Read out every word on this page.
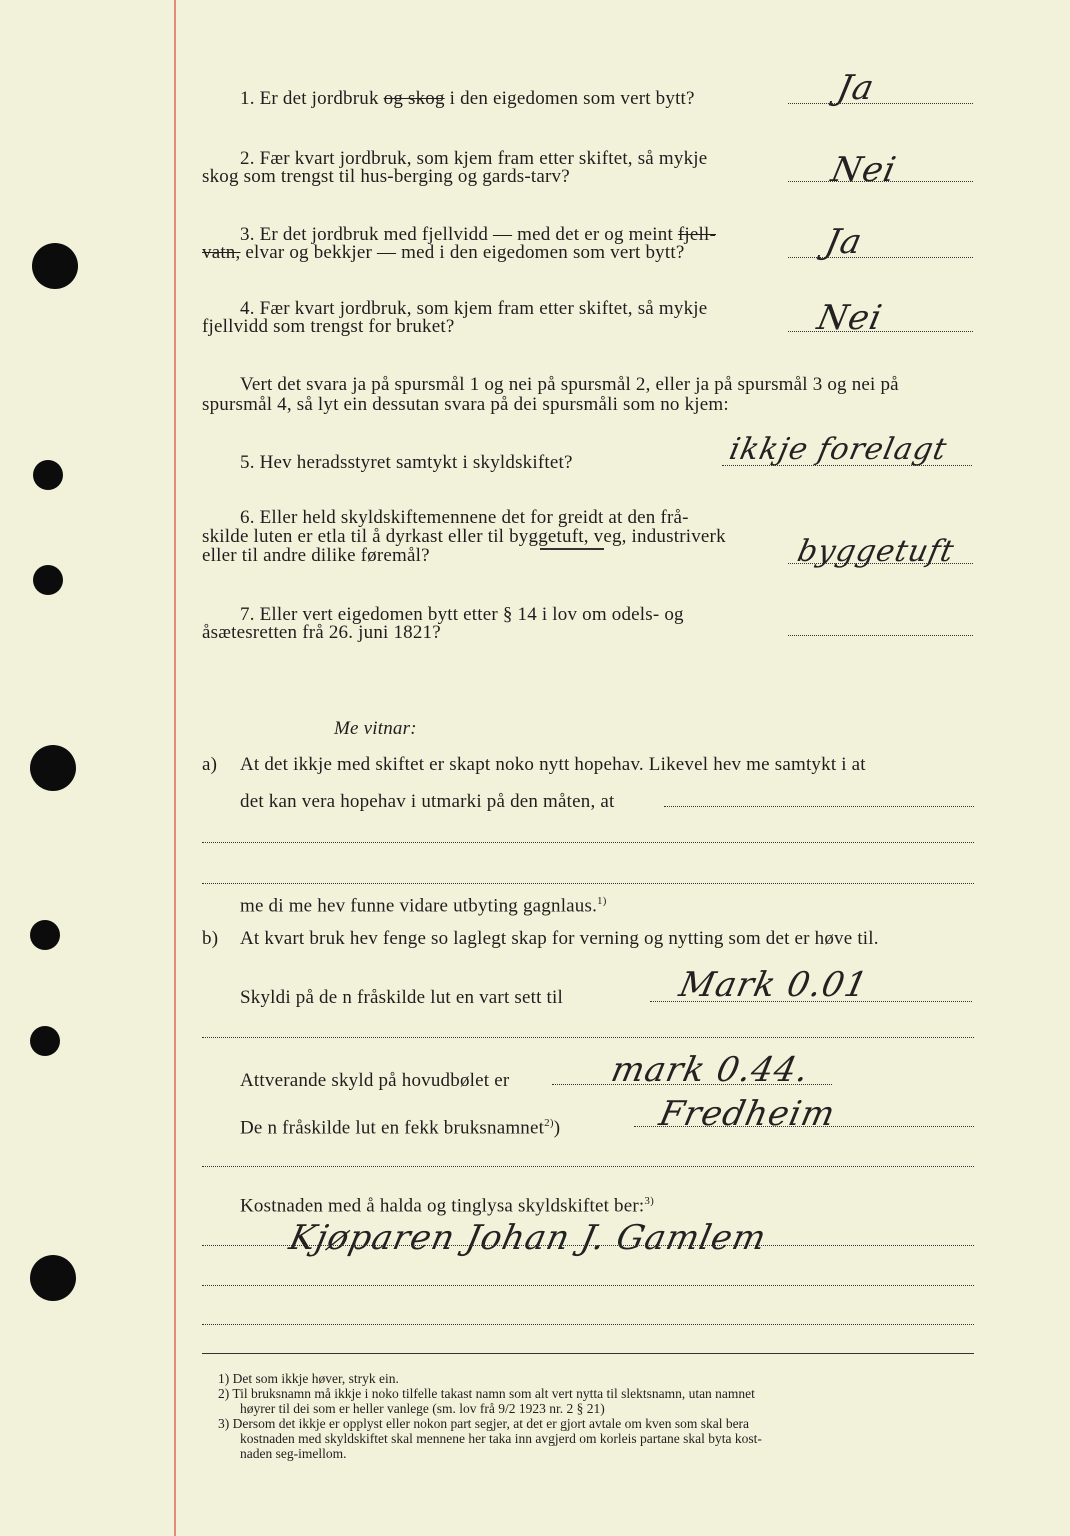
1. Er det jordbruk og skog i den eigedomen som vert bytt?	Ja
2. Fær kvart jordbruk, som kjem fram etter skiftet, så mykje
skog som trengst til hus-berging og gards-tarv?	Nei
3. Er det jordbruk med fjellvidd — med det er og meint fjell-
vatn, elvar og bekkjer — med i den eigedomen som vert bytt?	Ja
4. Fær kvart jordbruk, som kjem fram etter skiftet, så mykje
fjellvidd som trengst for bruket?	Nei
Vert det svara ja på spursmål 1 og nei på spursmål 2, eller ja på spursmål 3 og nei på
spursmål 4, så lyt ein dessutan svara på dei spursmåli som no kjem:
5. Hev heradsstyret samtykt i skyldskiftet?	ikkje forelagt
6. Eller held skyldskiftemennene det for greidt at den frå-
skilde luten er etla til å dyrkast eller til byggetuft, veg, industriverk
eller til andre dilike føremål?	byggetuft
7. Eller vert eigedomen bytt etter § 14 i lov om odels- og
åsætesretten frå 26. juni 1821?
Me vitnar:
a) At det ikkje med skiftet er skapt noko nytt hopehav. Likevel hev me samtykt i at
det kan vera hopehav i utmarki på den måten, at
me di me hev funne vidare utbyting gagnlaus.$^{1)}$
b) At kvart bruk hev fenge so laglegt skap for verning og nytting som det er høve til.
Skyldi på de n fråskilde lut en vart sett til	Mark 0.01
Attverande skyld på hovudbølet er	mark 0.44.
De n fråskilde lut en fekk bruksnamnet$^{2)}$)	Fredheim
Kostnaden med å halda og tinglysa skyldskiftet ber:$^{3)}$
Kjøparen Johan J. Gamlem
1) Det som ikkje høver, stryk ein.
2) Til bruksnamn må ikkje i noko tilfelle takast namn som alt vert nytta til slektsnamn, utan namnet
høyrer til dei som er heller vanlege (sm. lov frå 9/2 1923 nr. 2 § 21)
3) Dersom det ikkje er opplyst eller nokon part segjer, at det er gjort avtale om kven som skal bera
kostnaden med skyldskiftet skal mennene her taka inn avgjerd om korleis partane skal byta kost-
naden seg-imellom.
